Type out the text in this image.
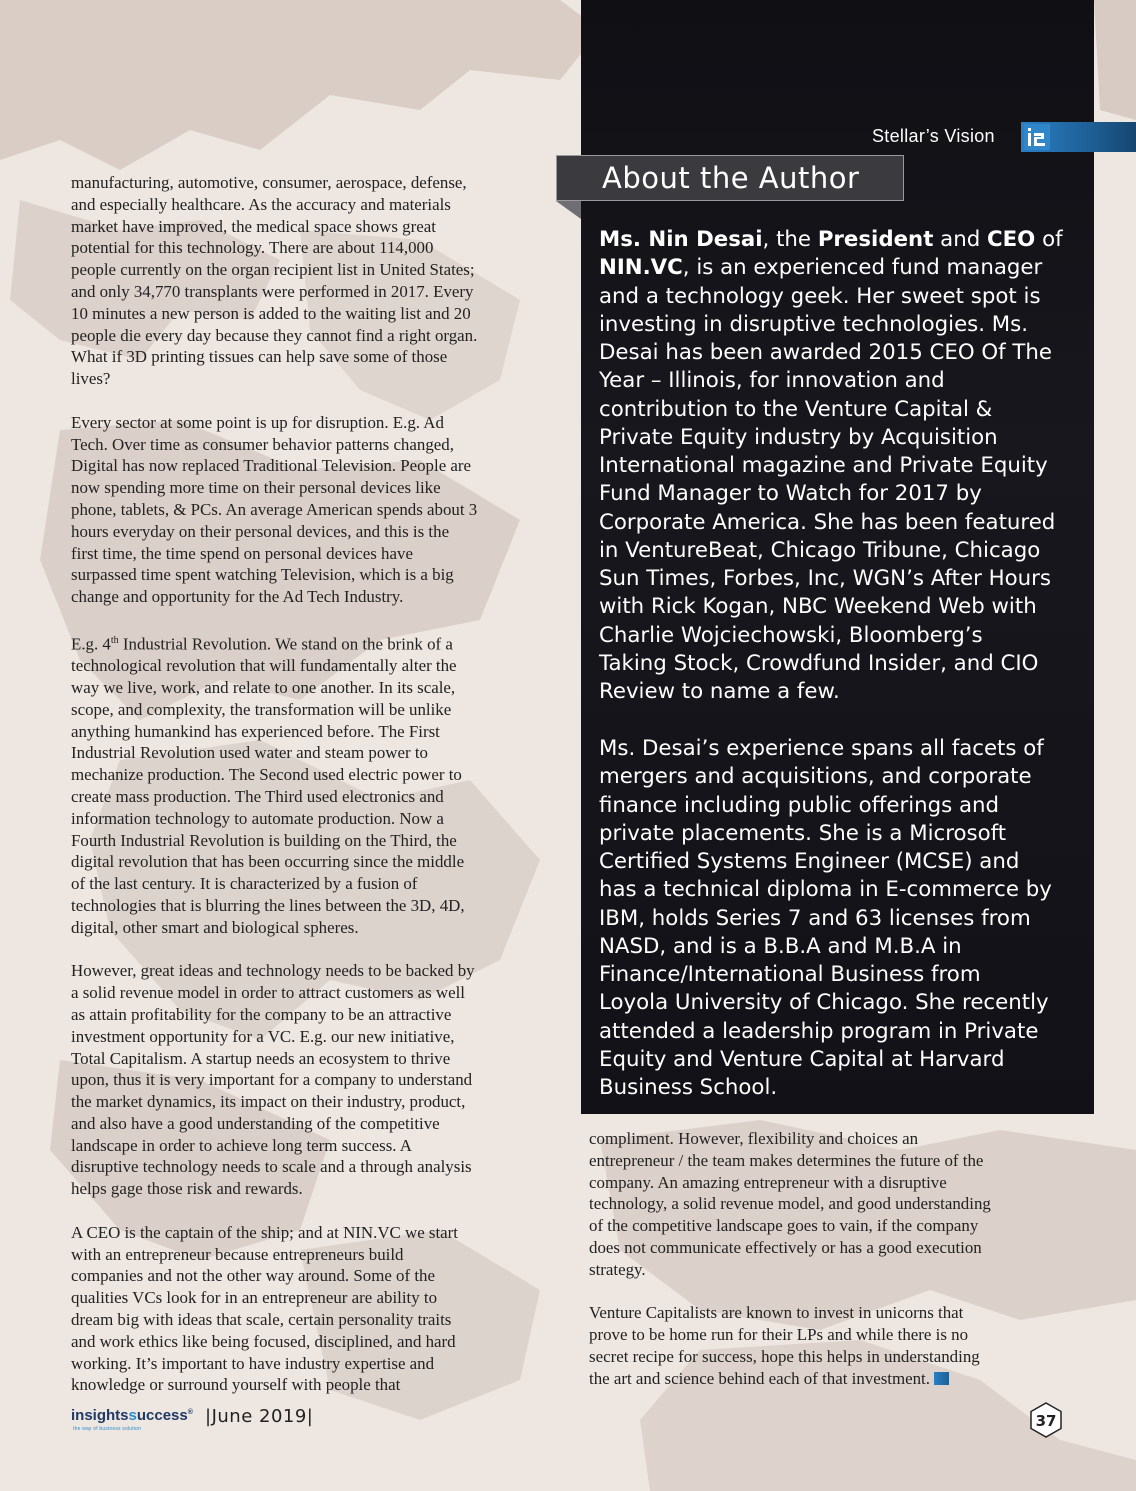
Stellar’s Vision
About the Author

Ms. Nin Desai, the President and CEO of
NIN.VC, is an experienced fund manager
and a technology geek. Her sweet spot is
investing in disruptive technologies. Ms.
Desai has been awarded 2015 CEO Of The
Year – Illinois, for innovation and
contribution to the Venture Capital &
Private Equity industry by Acquisition
International magazine and Private Equity
Fund Manager to Watch for 2017 by
Corporate America. She has been featured
in VentureBeat, Chicago Tribune, Chicago
Sun Times, Forbes, Inc, WGN’s After Hours
with Rick Kogan, NBC Weekend Web with
Charlie Wojciechowski, Bloomberg’s
Taking Stock, Crowdfund Insider, and CIO
Review to name a few.

Ms. Desai’s experience spans all facets of
mergers and acquisitions, and corporate
finance including public offerings and
private placements. She is a Microsoft
Certified Systems Engineer (MCSE) and
has a technical diploma in E-commerce by
IBM, holds Series 7 and 63 licenses from
NASD, and is a B.B.A and M.B.A in
Finance/International Business from
Loyola University of Chicago. She recently
attended a leadership program in Private
Equity and Venture Capital at Harvard
Business School.

manufacturing, automotive, consumer, aerospace, defense,
and especially healthcare. As the accuracy and materials
market have improved, the medical space shows great
potential for this technology. There are about 114,000
people currently on the organ recipient list in United States;
and only 34,770 transplants were performed in 2017. Every
10 minutes a new person is added to the waiting list and 20
people die every day because they cannot find a right organ.
What if 3D printing tissues can help save some of those
lives?

Every sector at some point is up for disruption. E.g. Ad
Tech. Over time as consumer behavior patterns changed,
Digital has now replaced Traditional Television. People are
now spending more time on their personal devices like
phone, tablets, & PCs. An average American spends about 3
hours everyday on their personal devices, and this is the
first time, the time spend on personal devices have
surpassed time spent watching Television, which is a big
change and opportunity for the Ad Tech Industry.

E.g. 4th Industrial Revolution. We stand on the brink of a
technological revolution that will fundamentally alter the
way we live, work, and relate to one another. In its scale,
scope, and complexity, the transformation will be unlike
anything humankind has experienced before. The First
Industrial Revolution used water and steam power to
mechanize production. The Second used electric power to
create mass production. The Third used electronics and
information technology to automate production. Now a
Fourth Industrial Revolution is building on the Third, the
digital revolution that has been occurring since the middle
of the last century. It is characterized by a fusion of
technologies that is blurring the lines between the 3D, 4D,
digital, other smart and biological spheres.

However, great ideas and technology needs to be backed by
a solid revenue model in order to attract customers as well
as attain profitability for the company to be an attractive
investment opportunity for a VC. E.g. our new initiative,
Total Capitalism. A startup needs an ecosystem to thrive
upon, thus it is very important for a company to understand
the market dynamics, its impact on their industry, product,
and also have a good understanding of the competitive
landscape in order to achieve long term success. A
disruptive technology needs to scale and a through analysis
helps gage those risk and rewards.

A CEO is the captain of the ship; and at NIN.VC we start
with an entrepreneur because entrepreneurs build
companies and not the other way around. Some of the
qualities VCs look for in an entrepreneur are ability to
dream big with ideas that scale, certain personality traits
and work ethics like being focused, disciplined, and hard
working. It’s important to have industry expertise and
knowledge or surround yourself with people that

compliment. However, flexibility and choices an
entrepreneur / the team makes determines the future of the
company. An amazing entrepreneur with a disruptive
technology, a solid revenue model, and good understanding
of the competitive landscape goes to vain, if the company
does not communicate effectively or has a good execution
strategy.

Venture Capitalists are known to invest in unicorns that
prove to be home run for their LPs and while there is no
secret recipe for success, hope this helps in understanding
the art and science behind each of that investment.

insightssuccess®
the way of business solution
|June 2019|	37
